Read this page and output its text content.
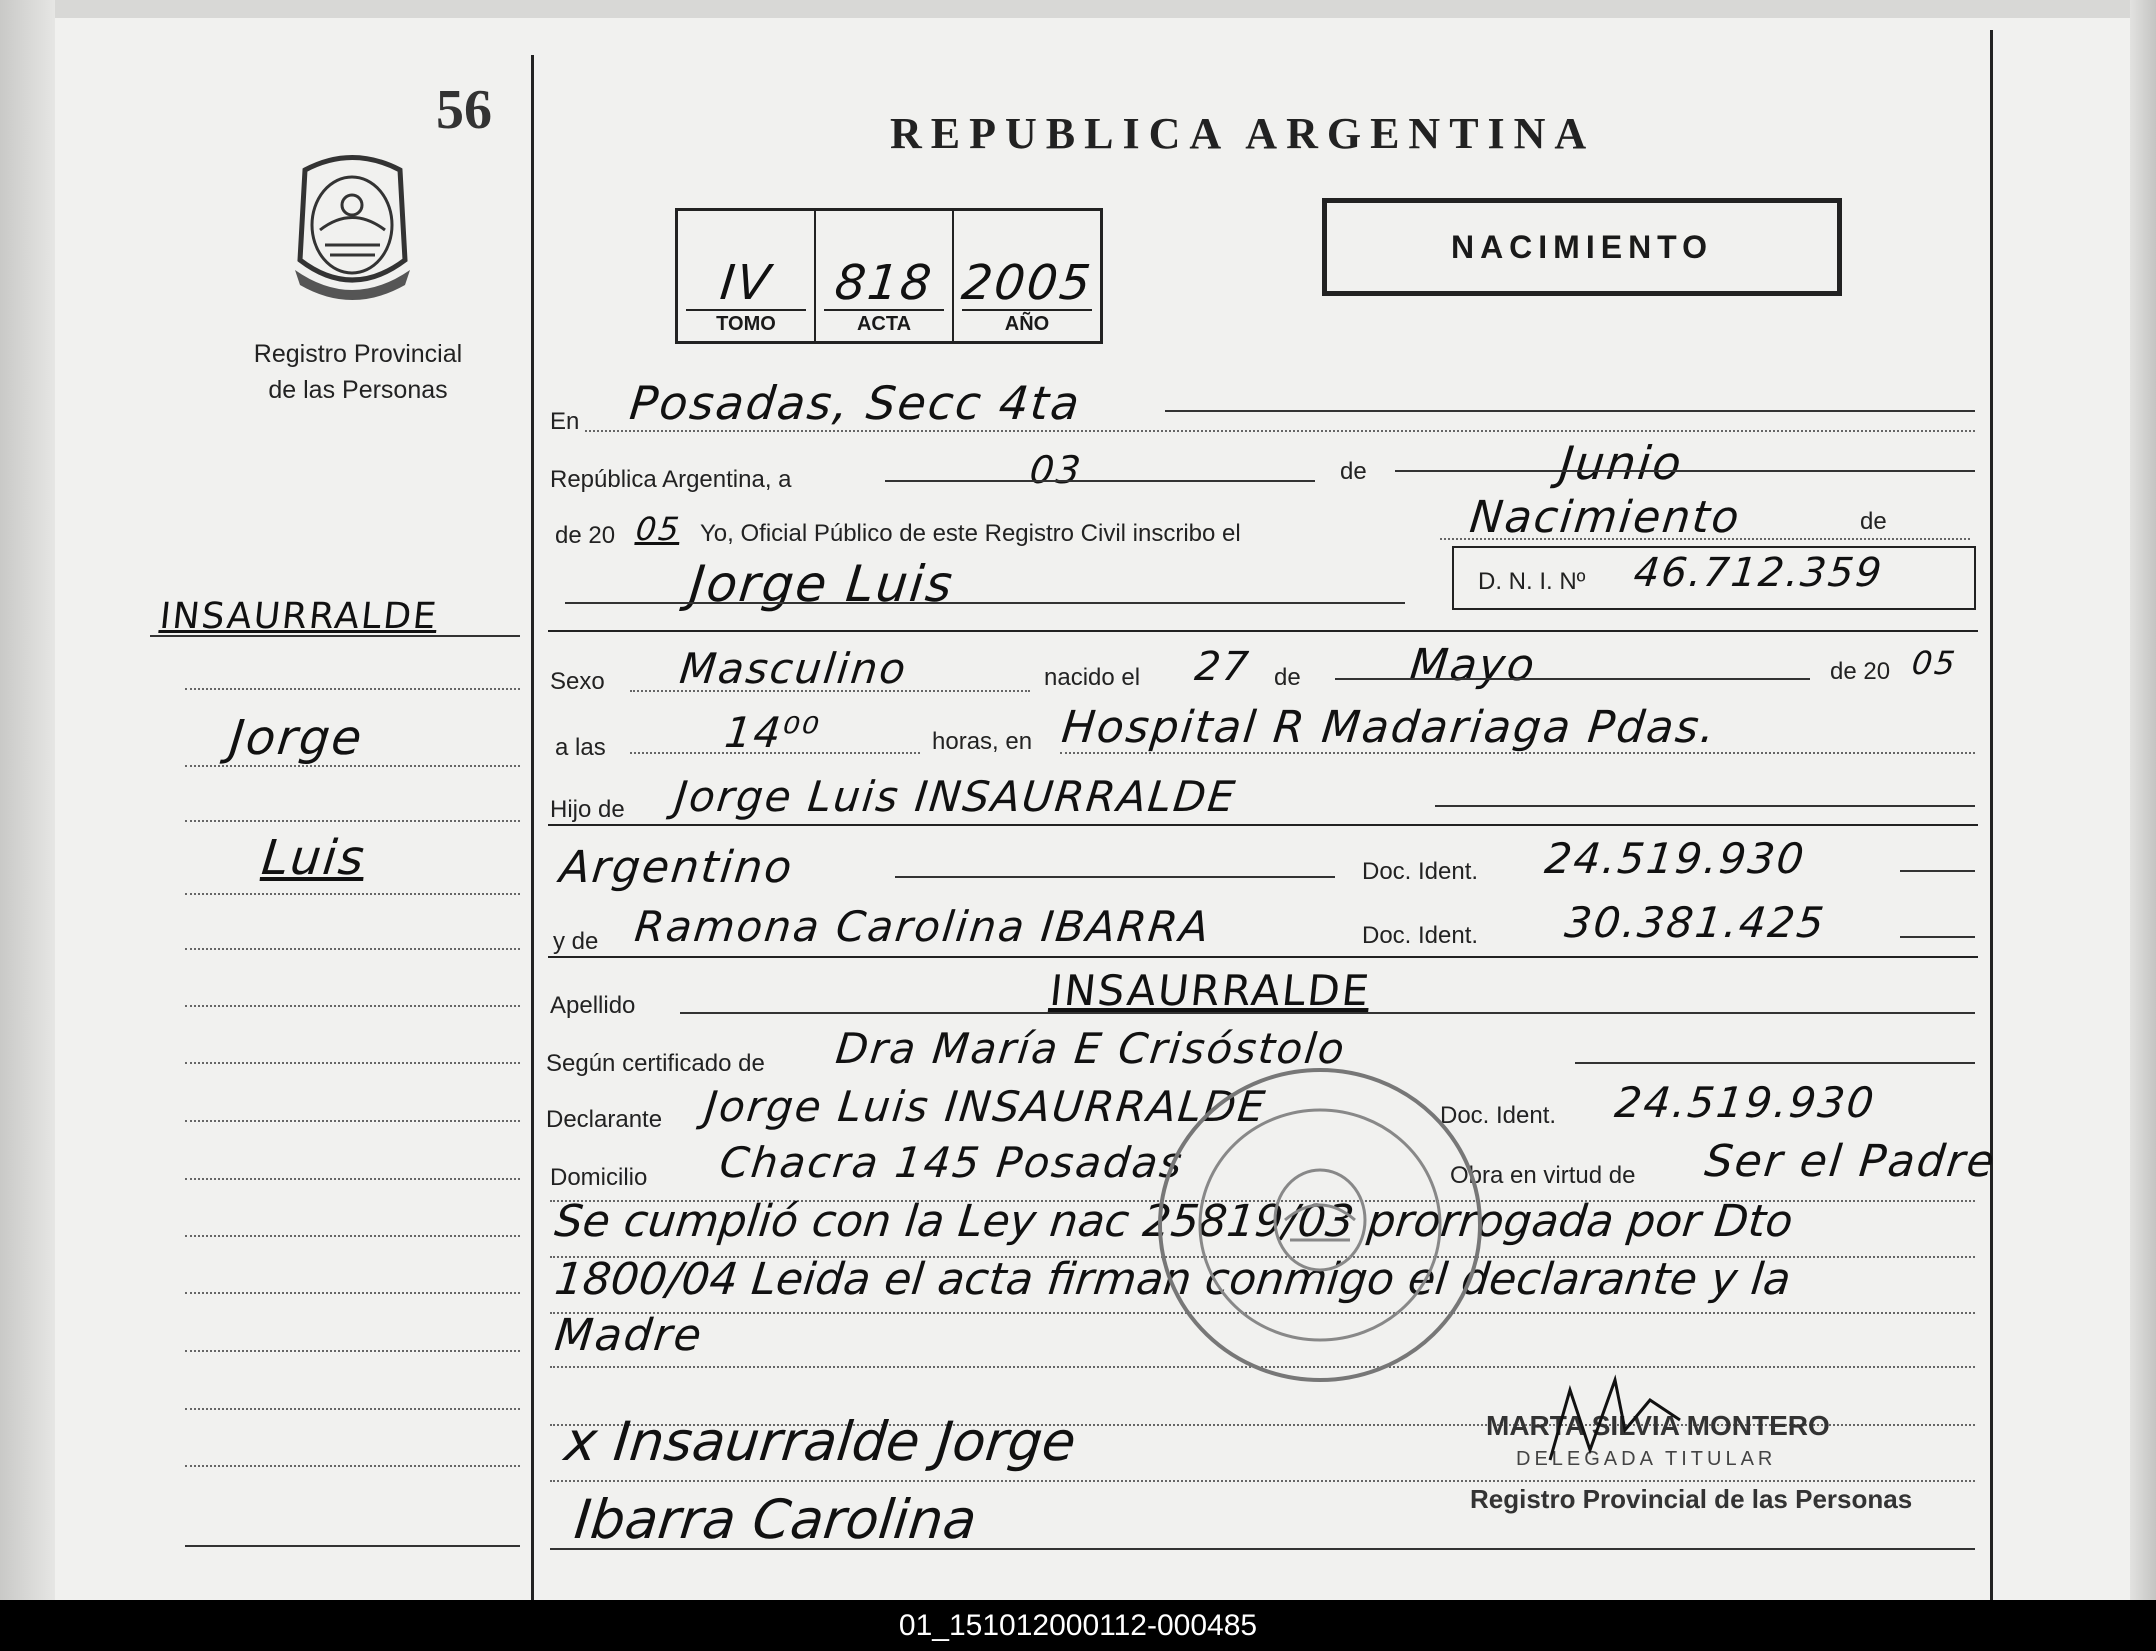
56
Registro Provincial
de las Personas
REPUBLICA ARGENTINA
IV
TOMO
818
ACTA
2005
AÑO
NACIMIENTO
INSAURRALDE
Jorge
Luis
En Posadas, Secc 4ta
República Argentina, a	03	de	Junio
de 20 05 Yo, Oficial Público de este Registro Civil inscribo el	Nacimiento	de
Jorge Luis	D. N. I. Nº 46.712.359
Sexo Masculino	nacido el 27 de Mayo	de 20 05
a las	14⁰⁰	horas, en Hospital R Madariaga Pdas.
Hijo de Jorge Luis INSAURRALDE
Argentino	Doc. Ident. 24.519.930
y de Ramona Carolina IBARRA	Doc. Ident. 30.381.425
Apellido	INSAURRALDE
Según certificado de Dra María E Crisóstolo
Declarante Jorge Luis INSAURRALDE	Doc. Ident. 24.519.930
Domicilio Chacra 145 Posadas	Obra en virtud de Ser el Padre
Se cumplió con la Ley nac 25819/03 prorrogada por Dto
1800/04 Leida el acta firman conmigo el declarante y la
Madre
x Insaurralde Jorge
Ibarra Carolina
MARTA SILVIA MONTERO
DELEGADA TITULAR
Registro Provincial de las Personas
01_151012000112-000485
